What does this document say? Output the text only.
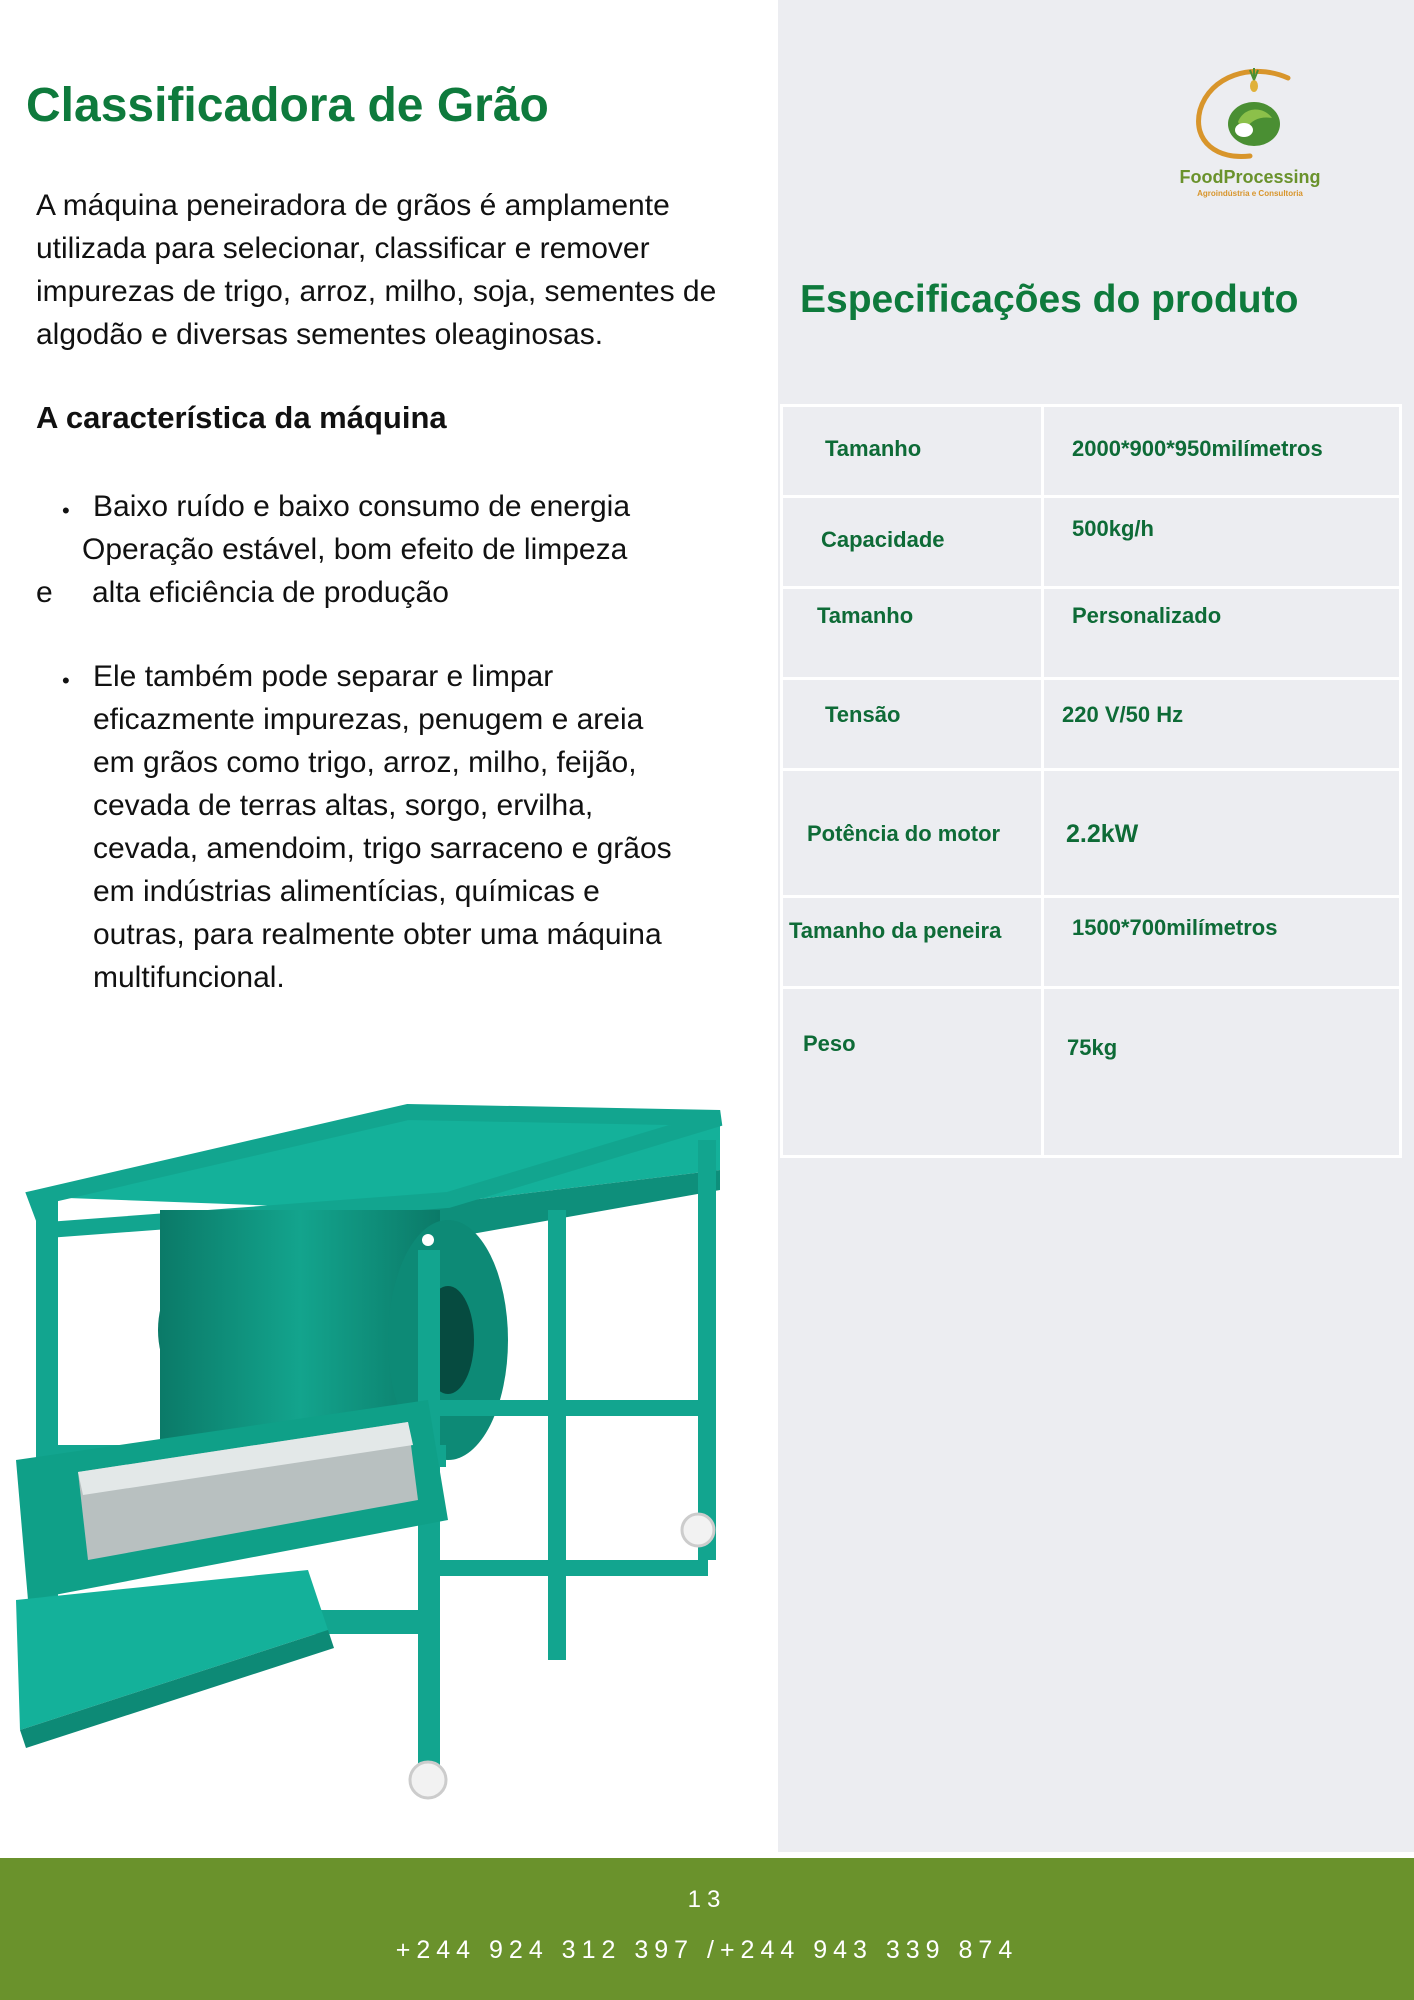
Classificadora de Grão

A máquina peneiradora de grãos é amplamente utilizada para selecionar, classificar e remover impurezas de trigo, arroz, milho, soja, sementes de algodão e diversas sementes oleaginosas.

A característica da máquina
• Baixo ruído e baixo consumo de energia
Operação estável, bom efeito de limpeza
e alta eficiência de produção
• Ele também pode separar e limpar
eficazmente impurezas, penugem e areia
em grãos como trigo, arroz, milho, feijão,
cevada de terras altas, sorgo, ervilha,
cevada, amendoim, trigo sarraceno e grãos
em indústrias alimentícias, químicas e
outras, para realmente obter uma máquina
multifuncional.
FoodProcessing
Agroindústria e Consultoria
Especificações do produto
Tamanho	2000*900*950milímetros
Capacidade	500kg/h
Tamanho	Personalizado
Tensão	220 V/50 Hz
Potência do motor	2.2kW
Tamanho da peneira	1500*700milímetros
Peso	75kg
13
+244 924 312 397 /+244 943 339 874
